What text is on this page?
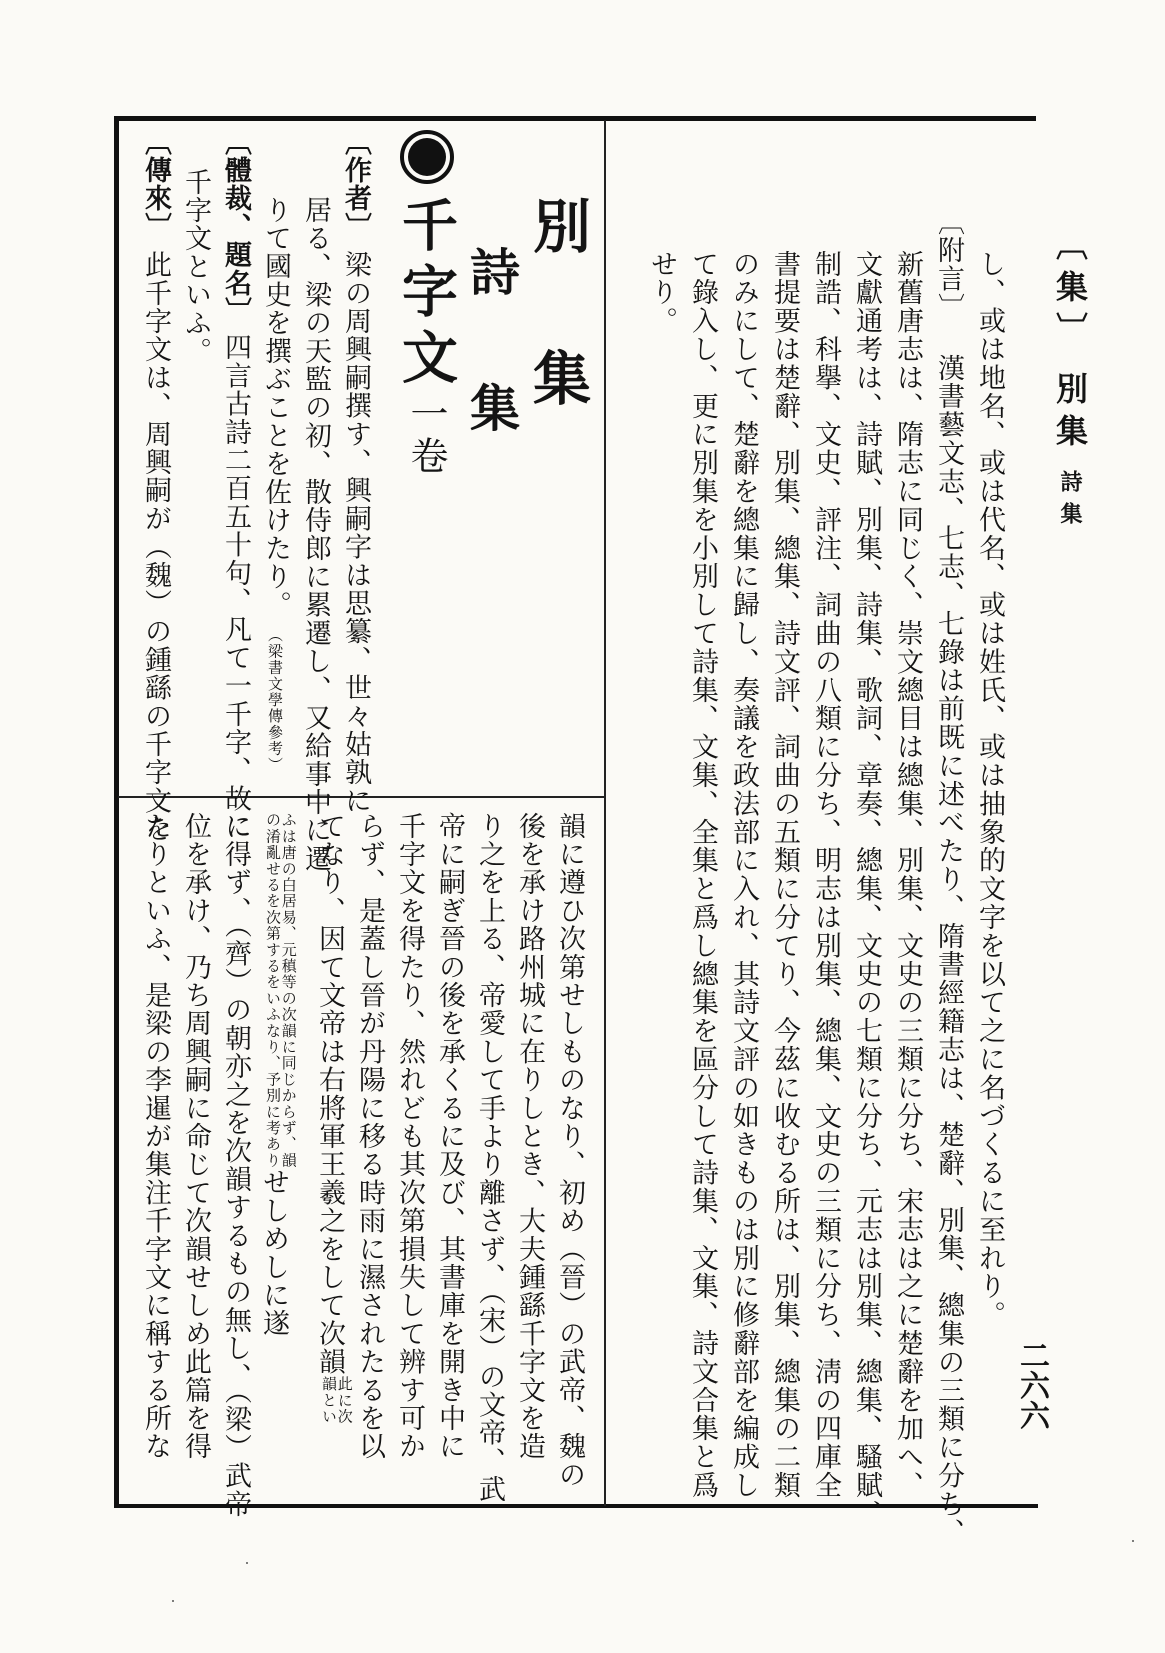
〔集〕別集詩集
二六六
し、或は地名、或は代名、或は姓氏、或は抽象的文字を以て之に名づくるに至れり。
〔附言〕 漢書藝文志、七志、七錄は前既に述べたり、隋書經籍志は、楚辭、別集、總集の三類に分ち、
新舊唐志は、隋志に同じく、崇文總目は總集、別集、文史の三類に分ち、宋志は之に楚辭を加へ、
文獻通考は、詩賦、別集、詩集、歌詞、章奏、總集、文史の七類に分ち、元志は別集、總集、騷賦、
制誥、科擧、文史、評注、詞曲の八類に分ち、明志は別集、總集、文史の三類に分ち、淸の四庫全
書提要は楚辭、別集、總集、詩文評、詞曲の五類に分てり、今茲に收むる所は、別集、總集の二類
のみにして、楚辭を總集に歸し、奏議を政法部に入れ、其詩文評の如きものは別に修辭部を編成し
て錄入し、更に別集を小別して詩集、文集、全集と爲し總集を區分して詩集、文集、詩文合集と爲
せり。
別　集
詩　集
千字文一卷
〔作者〕梁の周興嗣撰す、興嗣字は思纂、世々姑孰に
居る、梁の天監の初、散侍郎に累遷し、又給事中に遷
りて國史を撰ぶことを佐けたり。（梁書文學傳參考）
〔體裁、題名〕四言古詩二百五十句、凡て一千字、故に
千字文といふ。
〔傳來〕此千字文は、周興嗣が（魏）の鍾繇の千字文を
韻に遵ひ次第せしものなり、初め（晉）の武帝、魏の
後を承け路州城に在りしとき、大夫鍾繇千字文を造
り之を上る、帝愛して手より離さず、（宋）の文帝、武
帝に嗣ぎ晉の後を承くるに及び、其書庫を開き中に
千字文を得たり、然れども其次第損失して辨す可か
らず、是蓋し晉が丹陽に移る時雨に濕されたるを以
てなり、因て文帝は右將軍王羲之をして次韻此に次
韻とい
ふは唐の白居易、元稹等の次韻に同じからず、韻
の淆亂せるを次第するをいふなり、予別に考ありせしめしに遂
に得ず、（齊）の朝亦之を次韻するもの無し、（梁）武帝
位を承け、乃ち周興嗣に命じて次韻せしめ此篇を得
たりといふ、是梁の李暹が集注千字文に稱する所な
